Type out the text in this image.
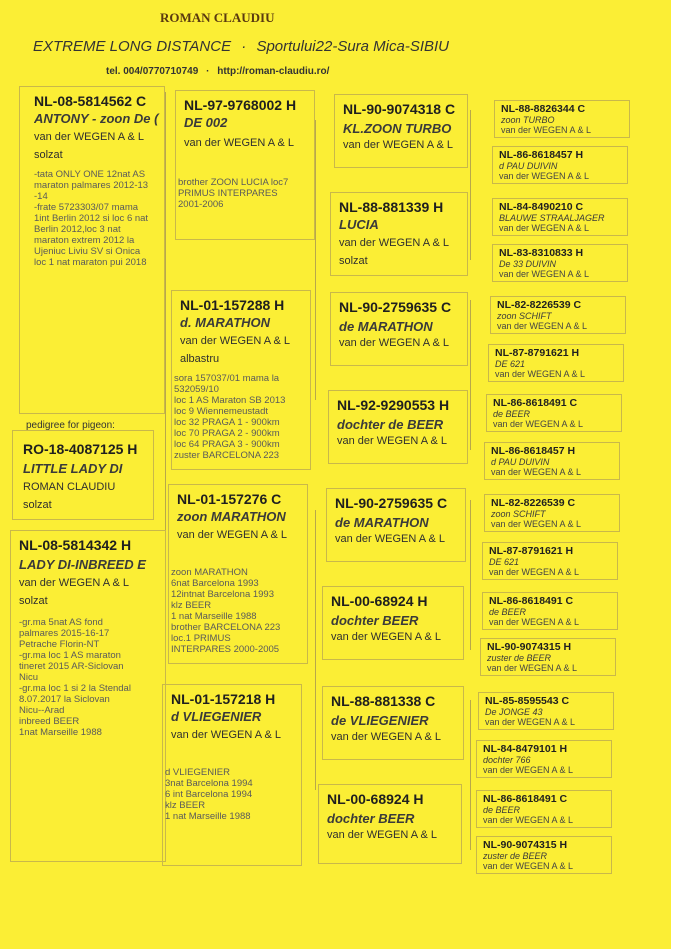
ROMAN CLAUDIU
EXTREME LONG DISTANCE · Sportului22-Sura Mica-SIBIU
tel. 004/0770710749 · http://roman-claudiu.ro/
NL-08-5814562 C
ANTONY - zoon De (
van der WEGEN A & L
solzat
-tata ONLY ONE 12nat AS
maraton palmares 2012-13
-14
-frate 5723303/07 mama
1int Berlin 2012 si loc 6 nat
Berlin 2012,loc 3 nat
maraton extrem 2012 la
Ujeniuc Liviu SV si Onica
loc 1 nat maraton pui 2018
pedigree for pigeon:
RO-18-4087125 H
LITTLE LADY DI
ROMAN CLAUDIU
solzat
NL-08-5814342 H
LADY DI-INBREED E
van der WEGEN A & L
solzat
-gr.ma 5nat AS fond
palmares 2015-16-17
Petrache Florin-NT
-gr.ma loc 1 AS maraton
tineret 2015 AR-Siclovan
Nicu
-gr.ma loc 1 si 2 la Stendal
8.07.2017 la Siclovan
Nicu--Arad
inbreed BEER
1nat Marseille 1988
NL-97-9768002 H
DE 002
van der WEGEN A & L
brother ZOON LUCIA loc7
PRIMUS INTERPARES
2001-2006
NL-01-157288 H
d. MARATHON
van der WEGEN A & L
albastru
sora 157037/01 mama la
532059/10
loc 1 AS Maraton SB 2013
loc 9 Wiennemeustadt
loc 32 PRAGA 1 - 900km
loc 70 PRAGA 2 - 900km
loc 64 PRAGA 3 - 900km
zuster BARCELONA 223
NL-01-157276 C
zoon MARATHON
van der WEGEN A & L
zoon MARATHON
6nat Barcelona 1993
12intnat Barcelona 1993
klz BEER
1 nat Marseille 1988
brother BARCELONA 223
loc.1 PRIMUS
INTERPARES 2000-2005
NL-01-157218 H
d VLIEGENIER
van der WEGEN A & L
d VLIEGENIER
3nat Barcelona 1994
6 int Barcelona 1994
klz BEER
1 nat Marseille 1988
NL-90-9074318 C
KL.ZOON TURBO
van der WEGEN A & L
NL-88-881339 H
LUCIA
van der WEGEN A & L
solzat
NL-90-2759635 C
de MARATHON
van der WEGEN A & L
NL-92-9290553 H
dochter de BEER
van der WEGEN A & L
NL-90-2759635 C
de MARATHON
van der WEGEN A & L
NL-00-68924 H
dochter BEER
van der WEGEN A & L
NL-88-881338 C
de VLIEGENIER
van der WEGEN A & L
NL-00-68924 H
dochter BEER
van der WEGEN A & L
NL-88-8826344 C
zoon TURBO
van der WEGEN A & L
NL-86-8618457 H
d PAU DUIVIN
van der WEGEN A & L
NL-84-8490210 C
BLAUWE STRAALJAGER
van der WEGEN A & L
NL-83-8310833 H
De 33 DUIVIN
van der WEGEN A & L
NL-82-8226539 C
zoon SCHIFT
van der WEGEN A & L
NL-87-8791621 H
DE 621
van der WEGEN A & L
NL-86-8618491 C
de BEER
van der WEGEN A & L
NL-86-8618457 H
d PAU DUIVIN
van der WEGEN A & L
NL-82-8226539 C
zoon SCHIFT
van der WEGEN A & L
NL-87-8791621 H
DE 621
van der WEGEN A & L
NL-86-8618491 C
de BEER
van der WEGEN A & L
NL-90-9074315 H
zuster de BEER
van der WEGEN A & L
NL-85-8595543 C
De JONGE 43
van der WEGEN A & L
NL-84-8479101 H
dochter 766
van der WEGEN A & L
NL-86-8618491 C
de BEER
van der WEGEN A & L
NL-90-9074315 H
zuster de BEER
van der WEGEN A & L
